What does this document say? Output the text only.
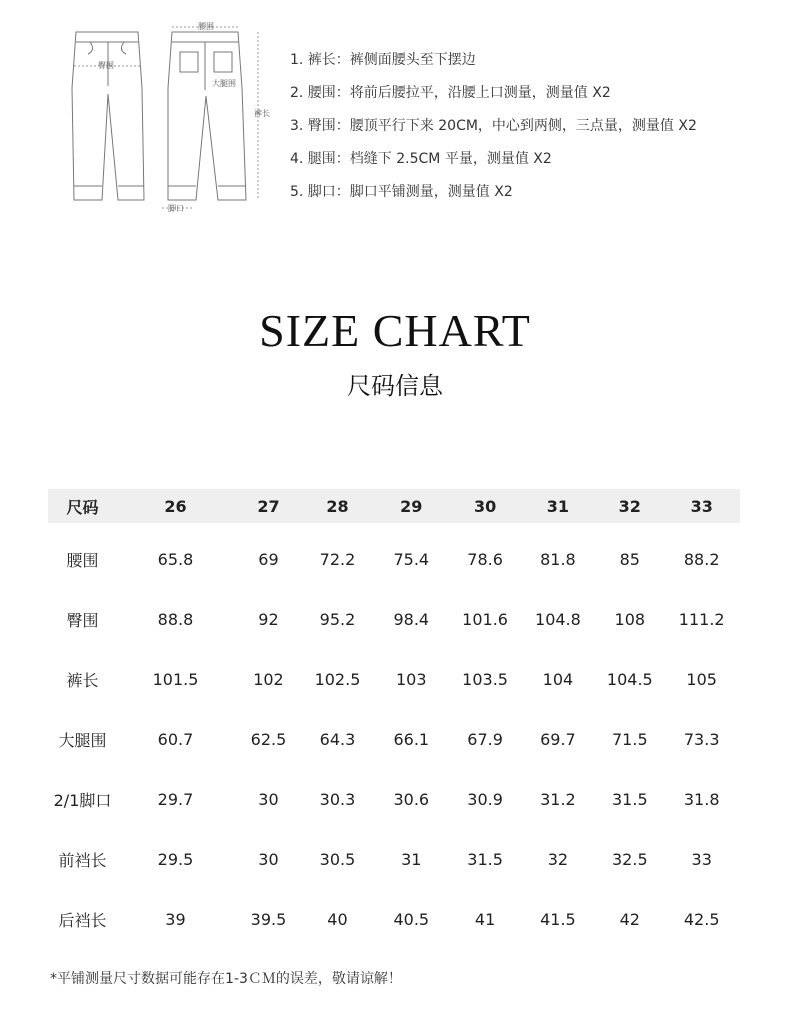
腰围
臀围
脚口
大腿围
裤长
1. 裤长：裤侧面腰头至下摆边
2. 腰围：将前后腰拉平，沿腰上口测量，测量值 X2
3. 臀围：腰顶平行下来 20CM，中心到两侧，三点量，测量值 X2
4. 腿围：档缝下 2.5CM 平量，测量值 X2
5. 脚口：脚口平铺测量，测量值 X2
SIZE CHART
尺码信息
尺码	26	27	28	29	30	31	32	33
腰围	65.8	69	72.2	75.4	78.6	81.8	85	88.2
臀围	88.8	92	95.2	98.4	101.6	104.8	108	111.2
裤长	101.5	102	102.5	103	103.5	104	104.5	105
大腿围	60.7	62.5	64.3	66.1	67.9	69.7	71.5	73.3
2/1脚口	29.7	30	30.3	30.6	30.9	31.2	31.5	31.8
前裆长	29.5	30	30.5	31	31.5	32	32.5	33
后裆长	39	39.5	40	40.5	41	41.5	42	42.5
*平铺测量尺寸数据可能存在1-3ＣＭ的误差，敬请谅解！
